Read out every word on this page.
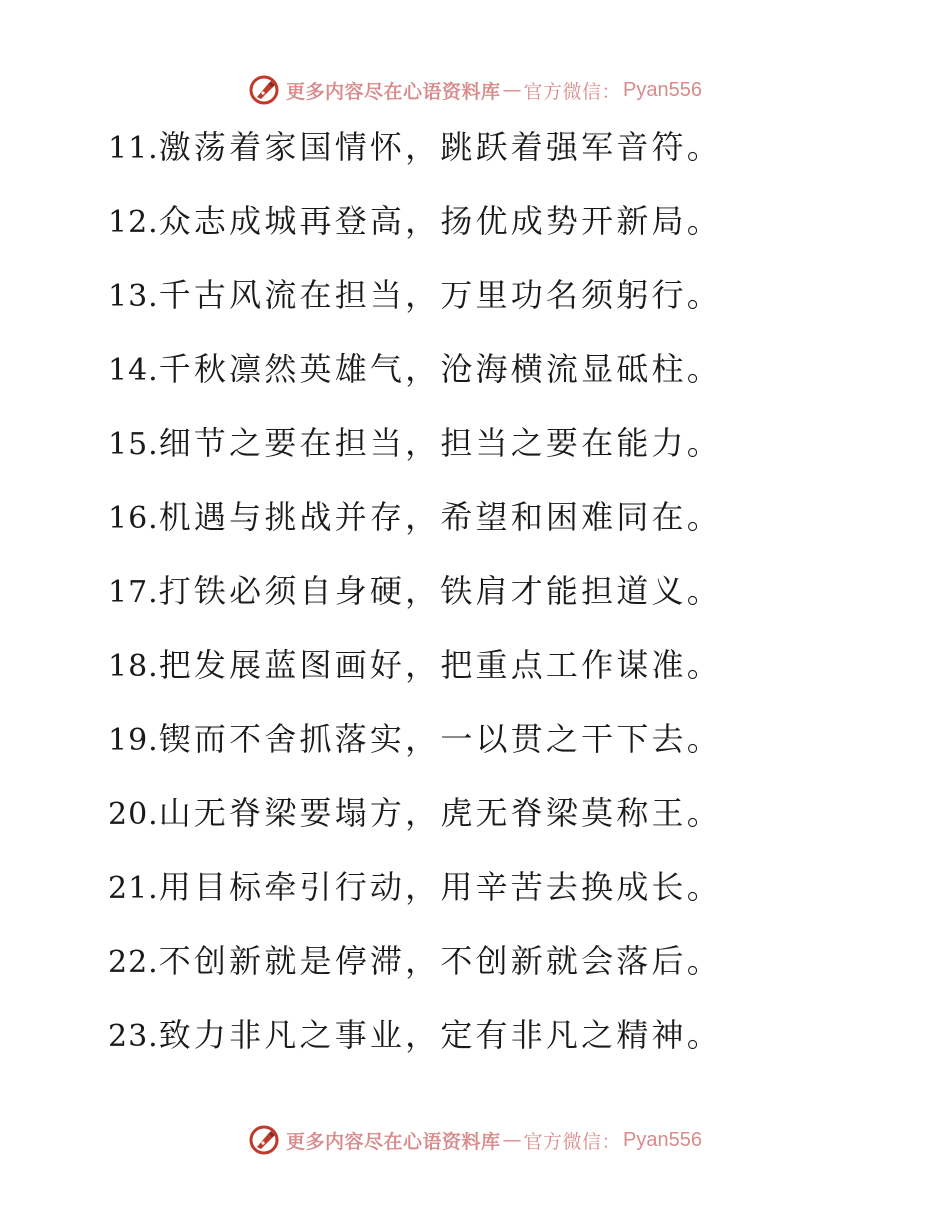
更多内容尽在心语资料库 — 官方微信： Pyan556
11.激荡着家国情怀，跳跃着强军音符。
12.众志成城再登高，扬优成势开新局。
13.千古风流在担当，万里功名须躬行。
14.千秋凛然英雄气，沧海横流显砥柱。
15.细节之要在担当，担当之要在能力。
16.机遇与挑战并存，希望和困难同在。
17.打铁必须自身硬，铁肩才能担道义。
18.把发展蓝图画好，把重点工作谋准。
19.锲而不舍抓落实，一以贯之干下去。
20.山无脊梁要塌方，虎无脊梁莫称王。
21.用目标牵引行动，用辛苦去换成长。
22.不创新就是停滞，不创新就会落后。
23.致力非凡之事业，定有非凡之精神。
更多内容尽在心语资料库 — 官方微信： Pyan556
